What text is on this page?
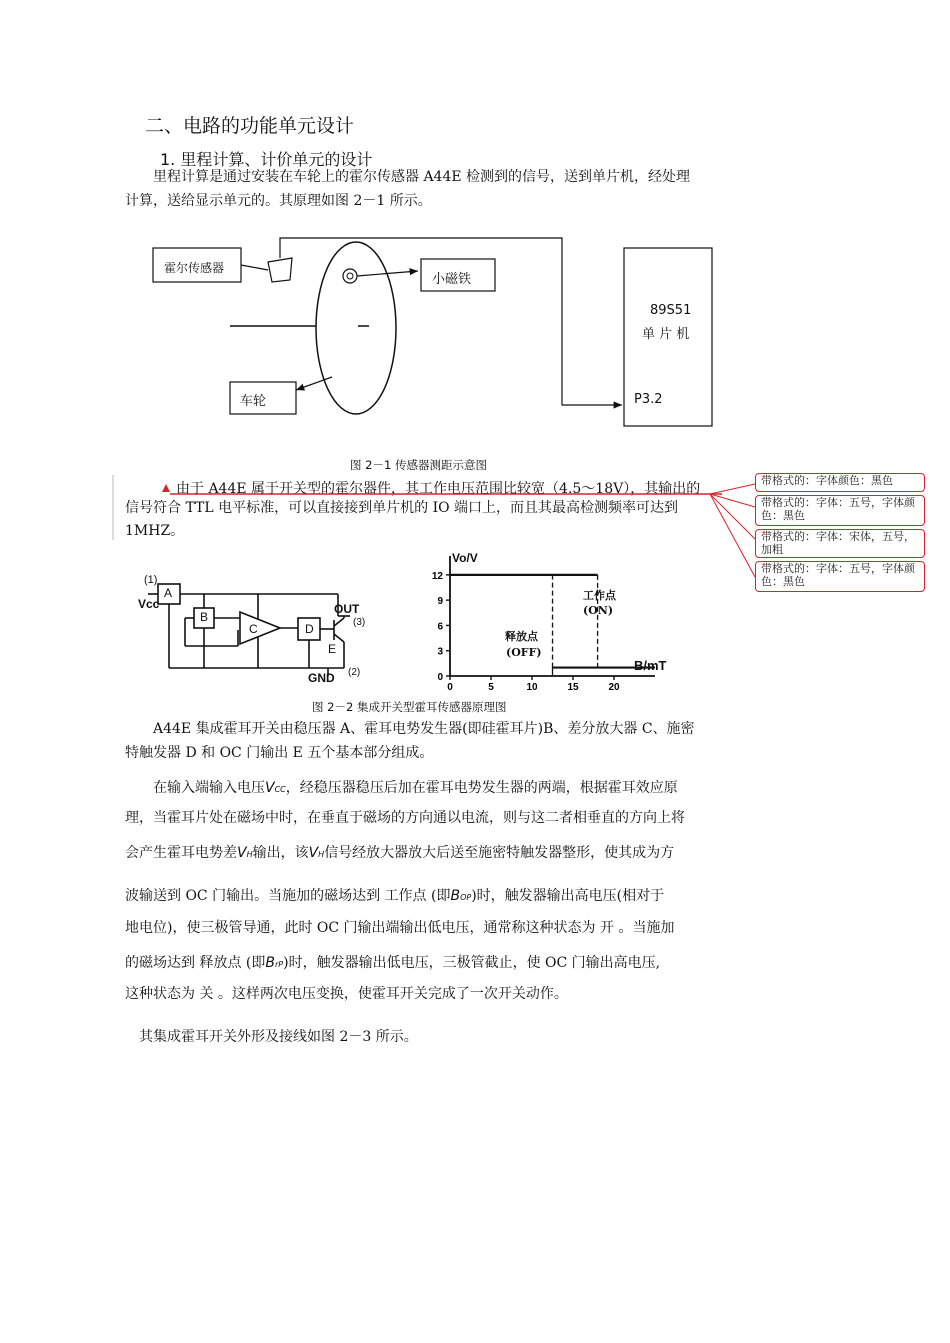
二、电路的功能单元设计
1. 里程计算、计价单元的设计
里程计算是通过安装在车轮上的霍尔传感器 A44E 检测到的信号，送到单片机，经处理
计算，送给显示单元的。其原理如图 2－1 所示。
霍尔传感器
小磁铁
车轮
89S51
单 片 机
P3.2
图 2－1 传感器测距示意图
由于 A44E 属于开关型的霍尔器件，其工作电压范围比较宽（4.5～18V），其输出的
信号符合 TTL 电平标准，可以直接接到单片机的 IO 端口上，而且其最高检测频率可达到
1MHZ。
带格式的：字体颜色：黑色
带格式的：字体：五号，字体颜色：黑色
带格式的：字体：宋体，五号，加粗
带格式的：字体：五号，字体颜色：黑色
(1)
Vcc
A
B
C	D
E
OUT
(3)
GND (2)
12
9
6
3
0
0	5	10	15	20
Vo/V
B/mT
工作点
(ON)
释放点
(OFF)
图 2－2 集成开关型霍耳传感器原理图
A44E 集成霍耳开关由稳压器 A、霍耳电势发生器(即硅霍耳片)B、差分放大器 C、施密
特触发器 D 和 OC 门输出 E 五个基本部分组成。
在输入端输入电压VCC，经稳压器稳压后加在霍耳电势发生器的两端，根据霍耳效应原
理，当霍耳片处在磁场中时，在垂直于磁场的方向通以电流，则与这二者相垂直的方向上将
会产生霍耳电势差VH输出，该VH信号经放大器放大后送至施密特触发器整形，使其成为方
波输送到 OC 门输出。当施加的磁场达到 工作点 (即BOP)时，触发器输出高电压(相对于
地电位)，使三极管导通，此时 OC 门输出端输出低电压，通常称这种状态为 开 。当施加
的磁场达到 释放点 (即BrP)时，触发器输出低电压，三极管截止，使 OC 门输出高电压,
这种状态为 关 。这样两次电压变换，使霍耳开关完成了一次开关动作。
其集成霍耳开关外形及接线如图 2－3 所示。
